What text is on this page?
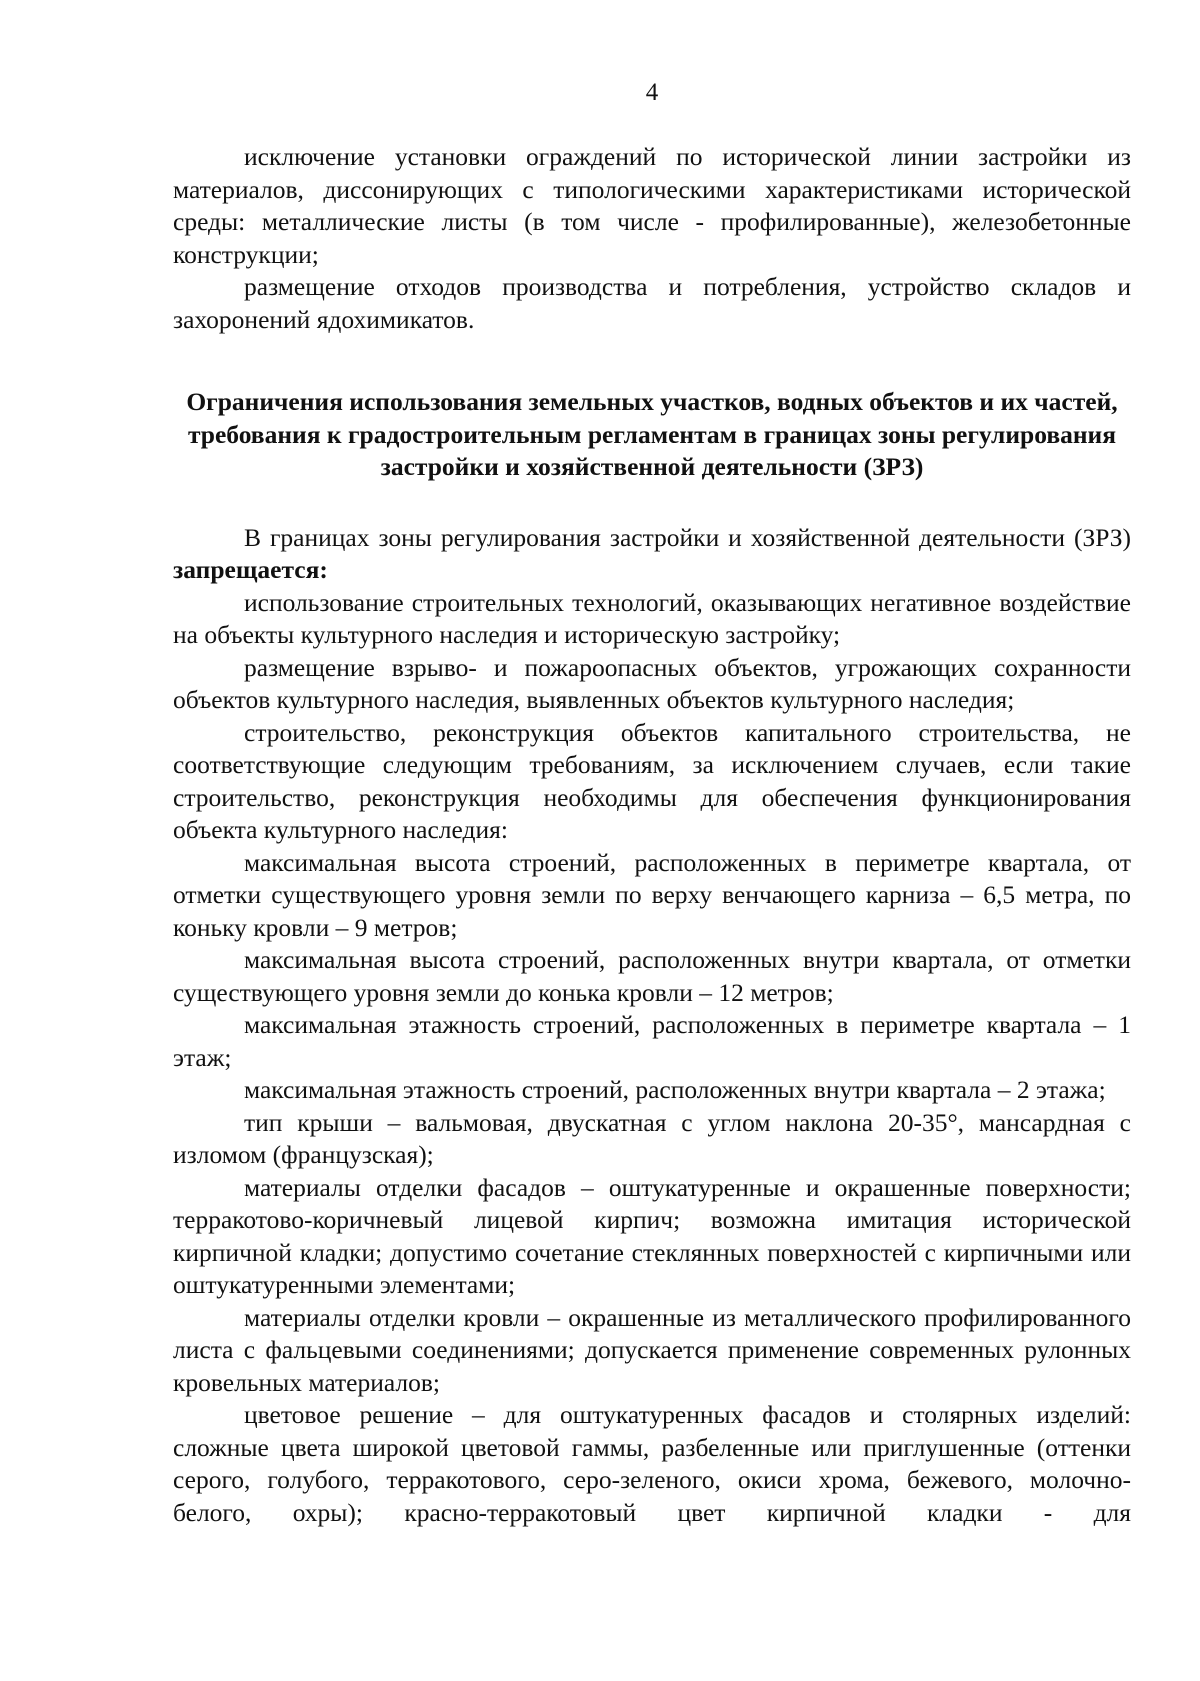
4

исключение установки ограждений по исторической линии застройки из материалов, диссонирующих с типологическими характеристиками исторической среды: металлические листы (в том числе - профилированные), железобетонные конструкции;

размещение отходов производства и потребления, устройство складов и захоронений ядохимикатов.

Ограничения использования земельных участков, водных объектов и их частей, требования к градостроительным регламентам в границах зоны регулирования застройки и хозяйственной деятельности (ЗРЗ)

В границах зоны регулирования застройки и хозяйственной деятельности (ЗРЗ) запрещается:

использование строительных технологий, оказывающих негативное воздействие на объекты культурного наследия и историческую застройку;

размещение взрыво- и пожароопасных объектов, угрожающих сохранности объектов культурного наследия, выявленных объектов культурного наследия;

строительство, реконструкция объектов капитального строительства, не соответствующие следующим требованиям, за исключением случаев, если такие строительство, реконструкция необходимы для обеспечения функционирования объекта культурного наследия:

максимальная высота строений, расположенных в периметре квартала, от отметки существующего уровня земли по верху венчающего карниза – 6,5 метра, по коньку кровли – 9 метров;

максимальная высота строений, расположенных внутри квартала, от отметки существующего уровня земли до конька кровли – 12 метров;

максимальная этажность строений, расположенных в периметре квартала – 1 этаж;

максимальная этажность строений, расположенных внутри квартала – 2 этажа;

тип крыши – вальмовая, двускатная с углом наклона 20-35°, мансардная с изломом (французская);

материалы отделки фасадов – оштукатуренные и окрашенные поверхности; терракотово-коричневый лицевой кирпич; возможна имитация исторической кирпичной кладки; допустимо сочетание стеклянных поверхностей с кирпичными или оштукатуренными элементами;

материалы отделки кровли – окрашенные из металлического профилированного листа с фальцевыми соединениями; допускается применение современных рулонных кровельных материалов;

цветовое решение – для оштукатуренных фасадов и столярных изделий: сложные цвета широкой цветовой гаммы, разбеленные или приглушенные (оттенки серого, голубого, терракотового, серо-зеленого, окиси хрома, бежевого, молочно-белого, охры); красно-терракотовый цвет кирпичной кладки - для
